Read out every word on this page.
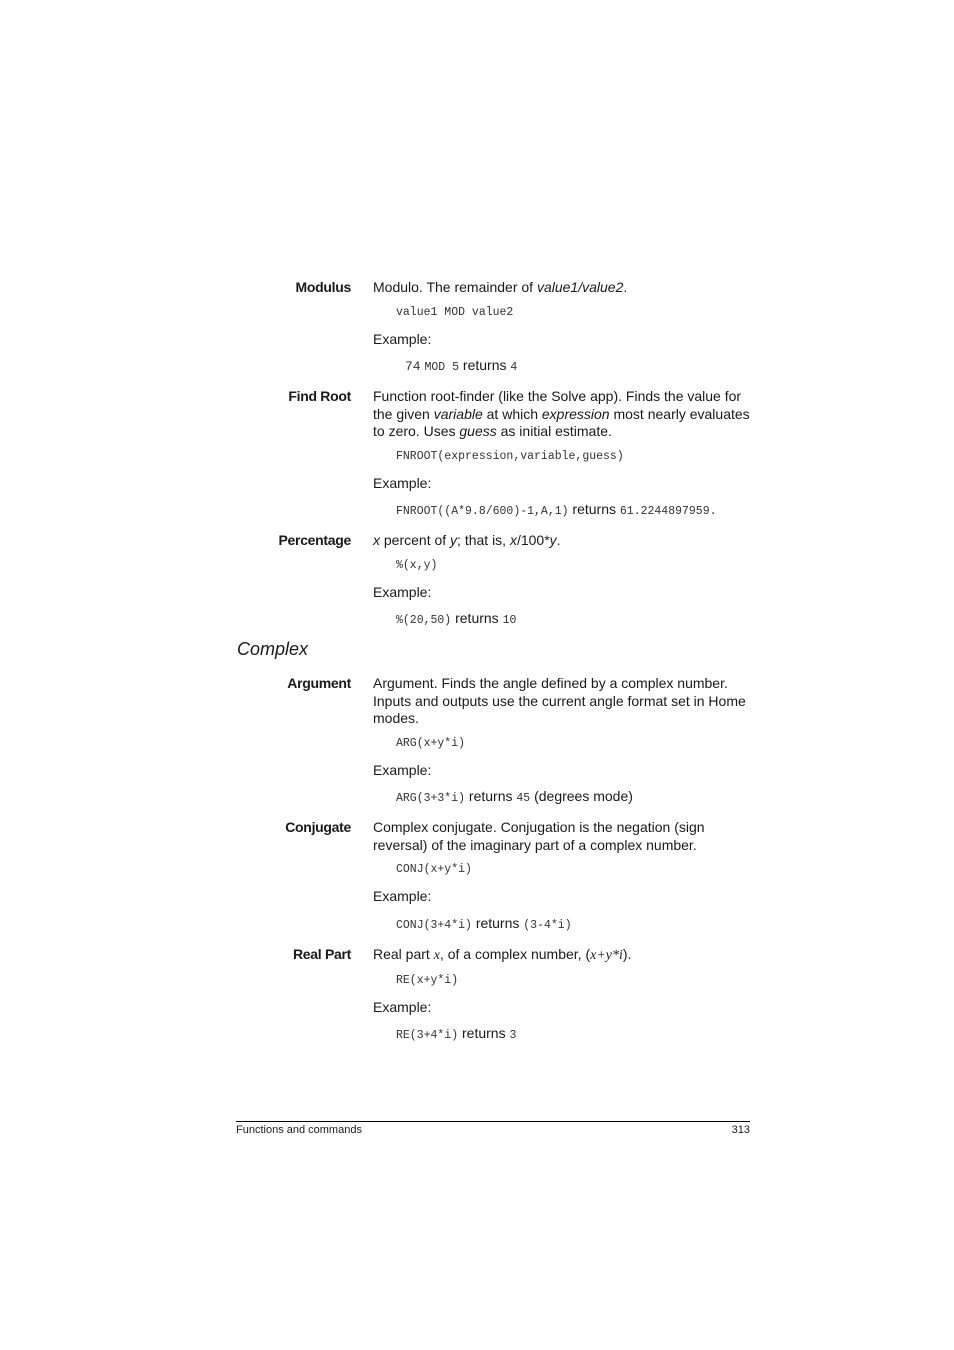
Modulus Modulo. The remainder of value1/value2.

value1 MOD value2
Example:
74 MOD 5 returns 4
Find Root Function root-finder (like the Solve app). Finds the value for the given variable at which expression most nearly evaluates to zero. Uses guess as initial estimate.

FNROOT(expression,variable,guess)
Example:
FNROOT((A*9.8/600)-1,A,1) returns 61.2244897959.
Percentage x percent of y; that is, x/100*y.

%(x,y)
Example:
%(20,50) returns 10
Complex
Argument Argument. Finds the angle defined by a complex number. Inputs and outputs use the current angle format set in Home modes.

ARG(x+y*i)
Example:
ARG(3+3*i) returns 45 (degrees mode)
Conjugate Complex conjugate. Conjugation is the negation (sign reversal) of the imaginary part of a complex number.

CONJ(x+y*i)
Example:
CONJ(3+4*i) returns (3-4*i)
Real Part Real part x, of a complex number, (x+y*i).

RE(x+y*i)
Example:
RE(3+4*i) returns 3
Functions and commands	313
